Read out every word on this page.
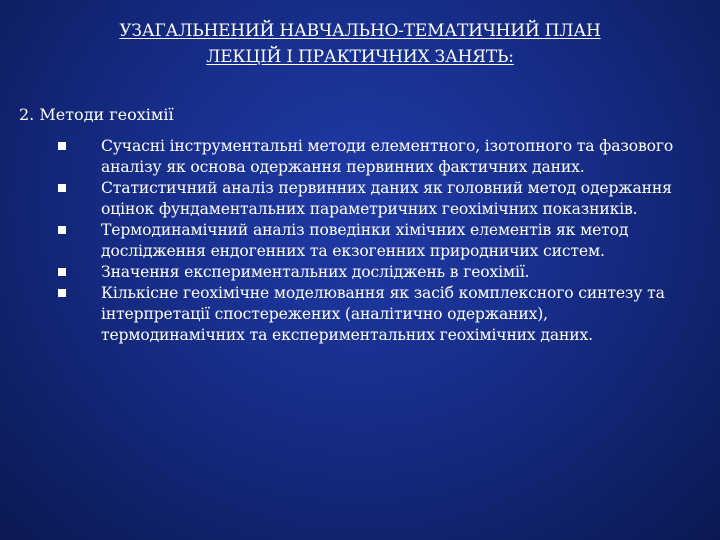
УЗАГАЛЬНЕНИЙ НАВЧАЛЬНО-ТЕМАТИЧНИЙ ПЛАН
ЛЕКЦІЙ І ПРАКТИЧНИХ ЗАНЯТЬ:
2. Методи геохімії
Сучасні інструментальні методи елементного, ізотопного та фазового аналізу як основа одержання первинних фактичних даних.
Статистичний аналіз первинних даних як головний метод одержання оцінок фундаментальних параметричних геохімічних показників.
Термодинамічний аналіз поведінки хімічних елементів як метод дослідження ендогенних та екзогенних природничих систем.
Значення експериментальних досліджень в геохімії.
Кількісне геохімічне моделювання як засіб комплексного синтезу та інтерпретації спостережених (аналітично одержаних), термодинамічних та експериментальних геохімічних даних.
